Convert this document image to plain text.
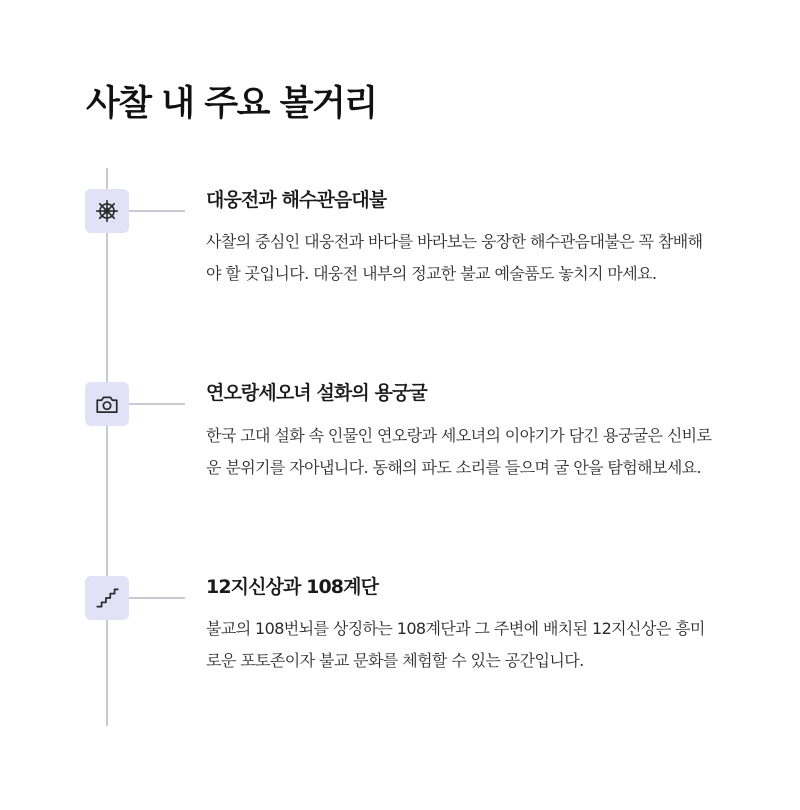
사찰 내 주요 볼거리
대웅전과 해수관음대불

사찰의 중심인 대웅전과 바다를 바라보는 웅장한 해수관음대불은 꼭 참배해야 할 곳입니다. 대웅전 내부의 정교한 불교 예술품도 놓치지 마세요.

연오랑세오녀 설화의 용궁굴

한국 고대 설화 속 인물인 연오랑과 세오녀의 이야기가 담긴 용궁굴은 신비로운 분위기를 자아냅니다. 동해의 파도 소리를 들으며 굴 안을 탐험해보세요.

12지신상과 108계단

불교의 108번뇌를 상징하는 108계단과 그 주변에 배치된 12지신상은 흥미로운 포토존이자 불교 문화를 체험할 수 있는 공간입니다.
